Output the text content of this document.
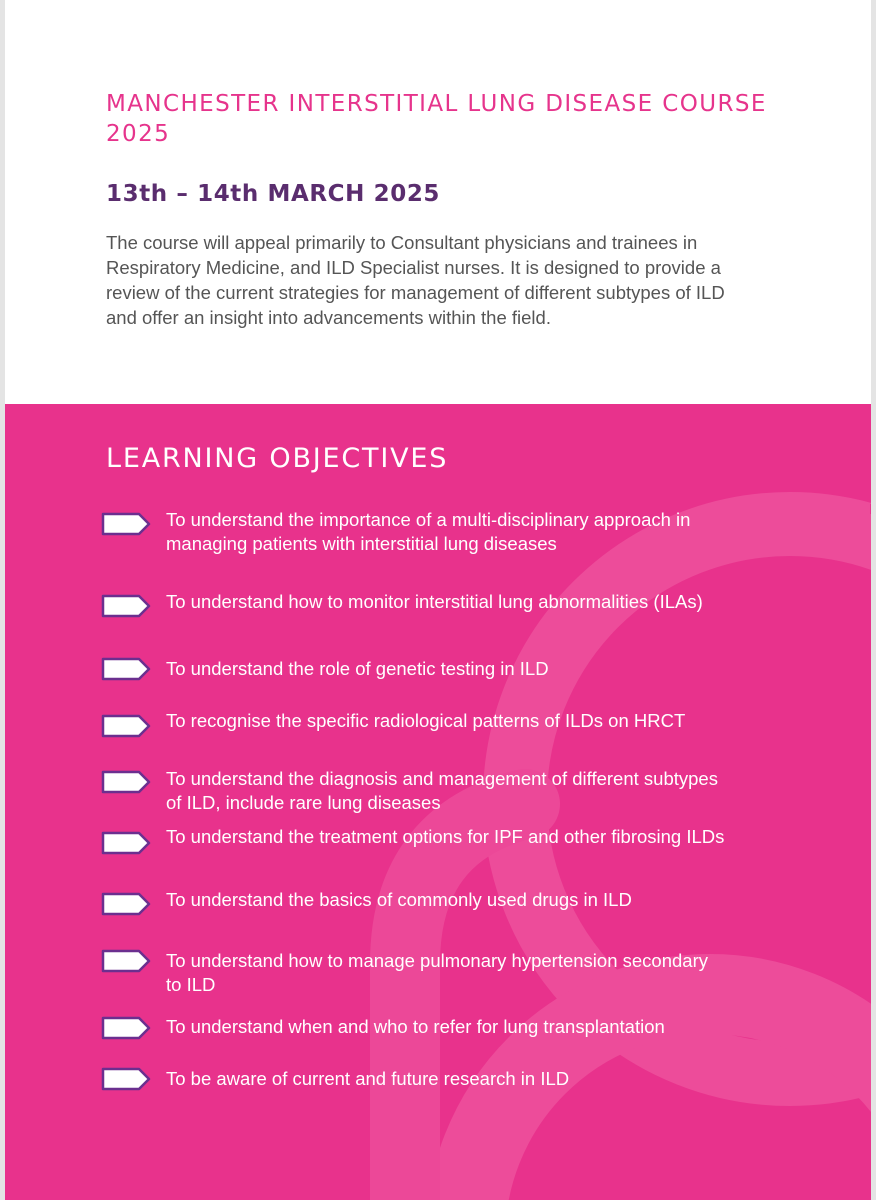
MANCHESTER INTERSTITIAL LUNG DISEASE COURSE 2025
13th – 14th MARCH 2025

The course will appeal primarily to Consultant physicians and trainees in Respiratory Medicine, and ILD Specialist nurses. It is designed to provide a review of the current strategies for management of different subtypes of ILD and offer an insight into advancements within the field.

LEARNING OBJECTIVES

To understand the importance of a multi-disciplinary approach in managing patients with interstitial lung diseases

To understand how to monitor interstitial lung abnormalities (ILAs)

To understand the role of genetic testing in ILD

To recognise the specific radiological patterns of ILDs on HRCT

To understand the diagnosis and management of different subtypes of ILD, include rare lung diseases

To understand the treatment options for IPF and other fibrosing ILDs

To understand the basics of commonly used drugs in ILD

To understand how to manage pulmonary hypertension secondary to ILD

To understand when and who to refer for lung transplantation

To be aware of current and future research in ILD
